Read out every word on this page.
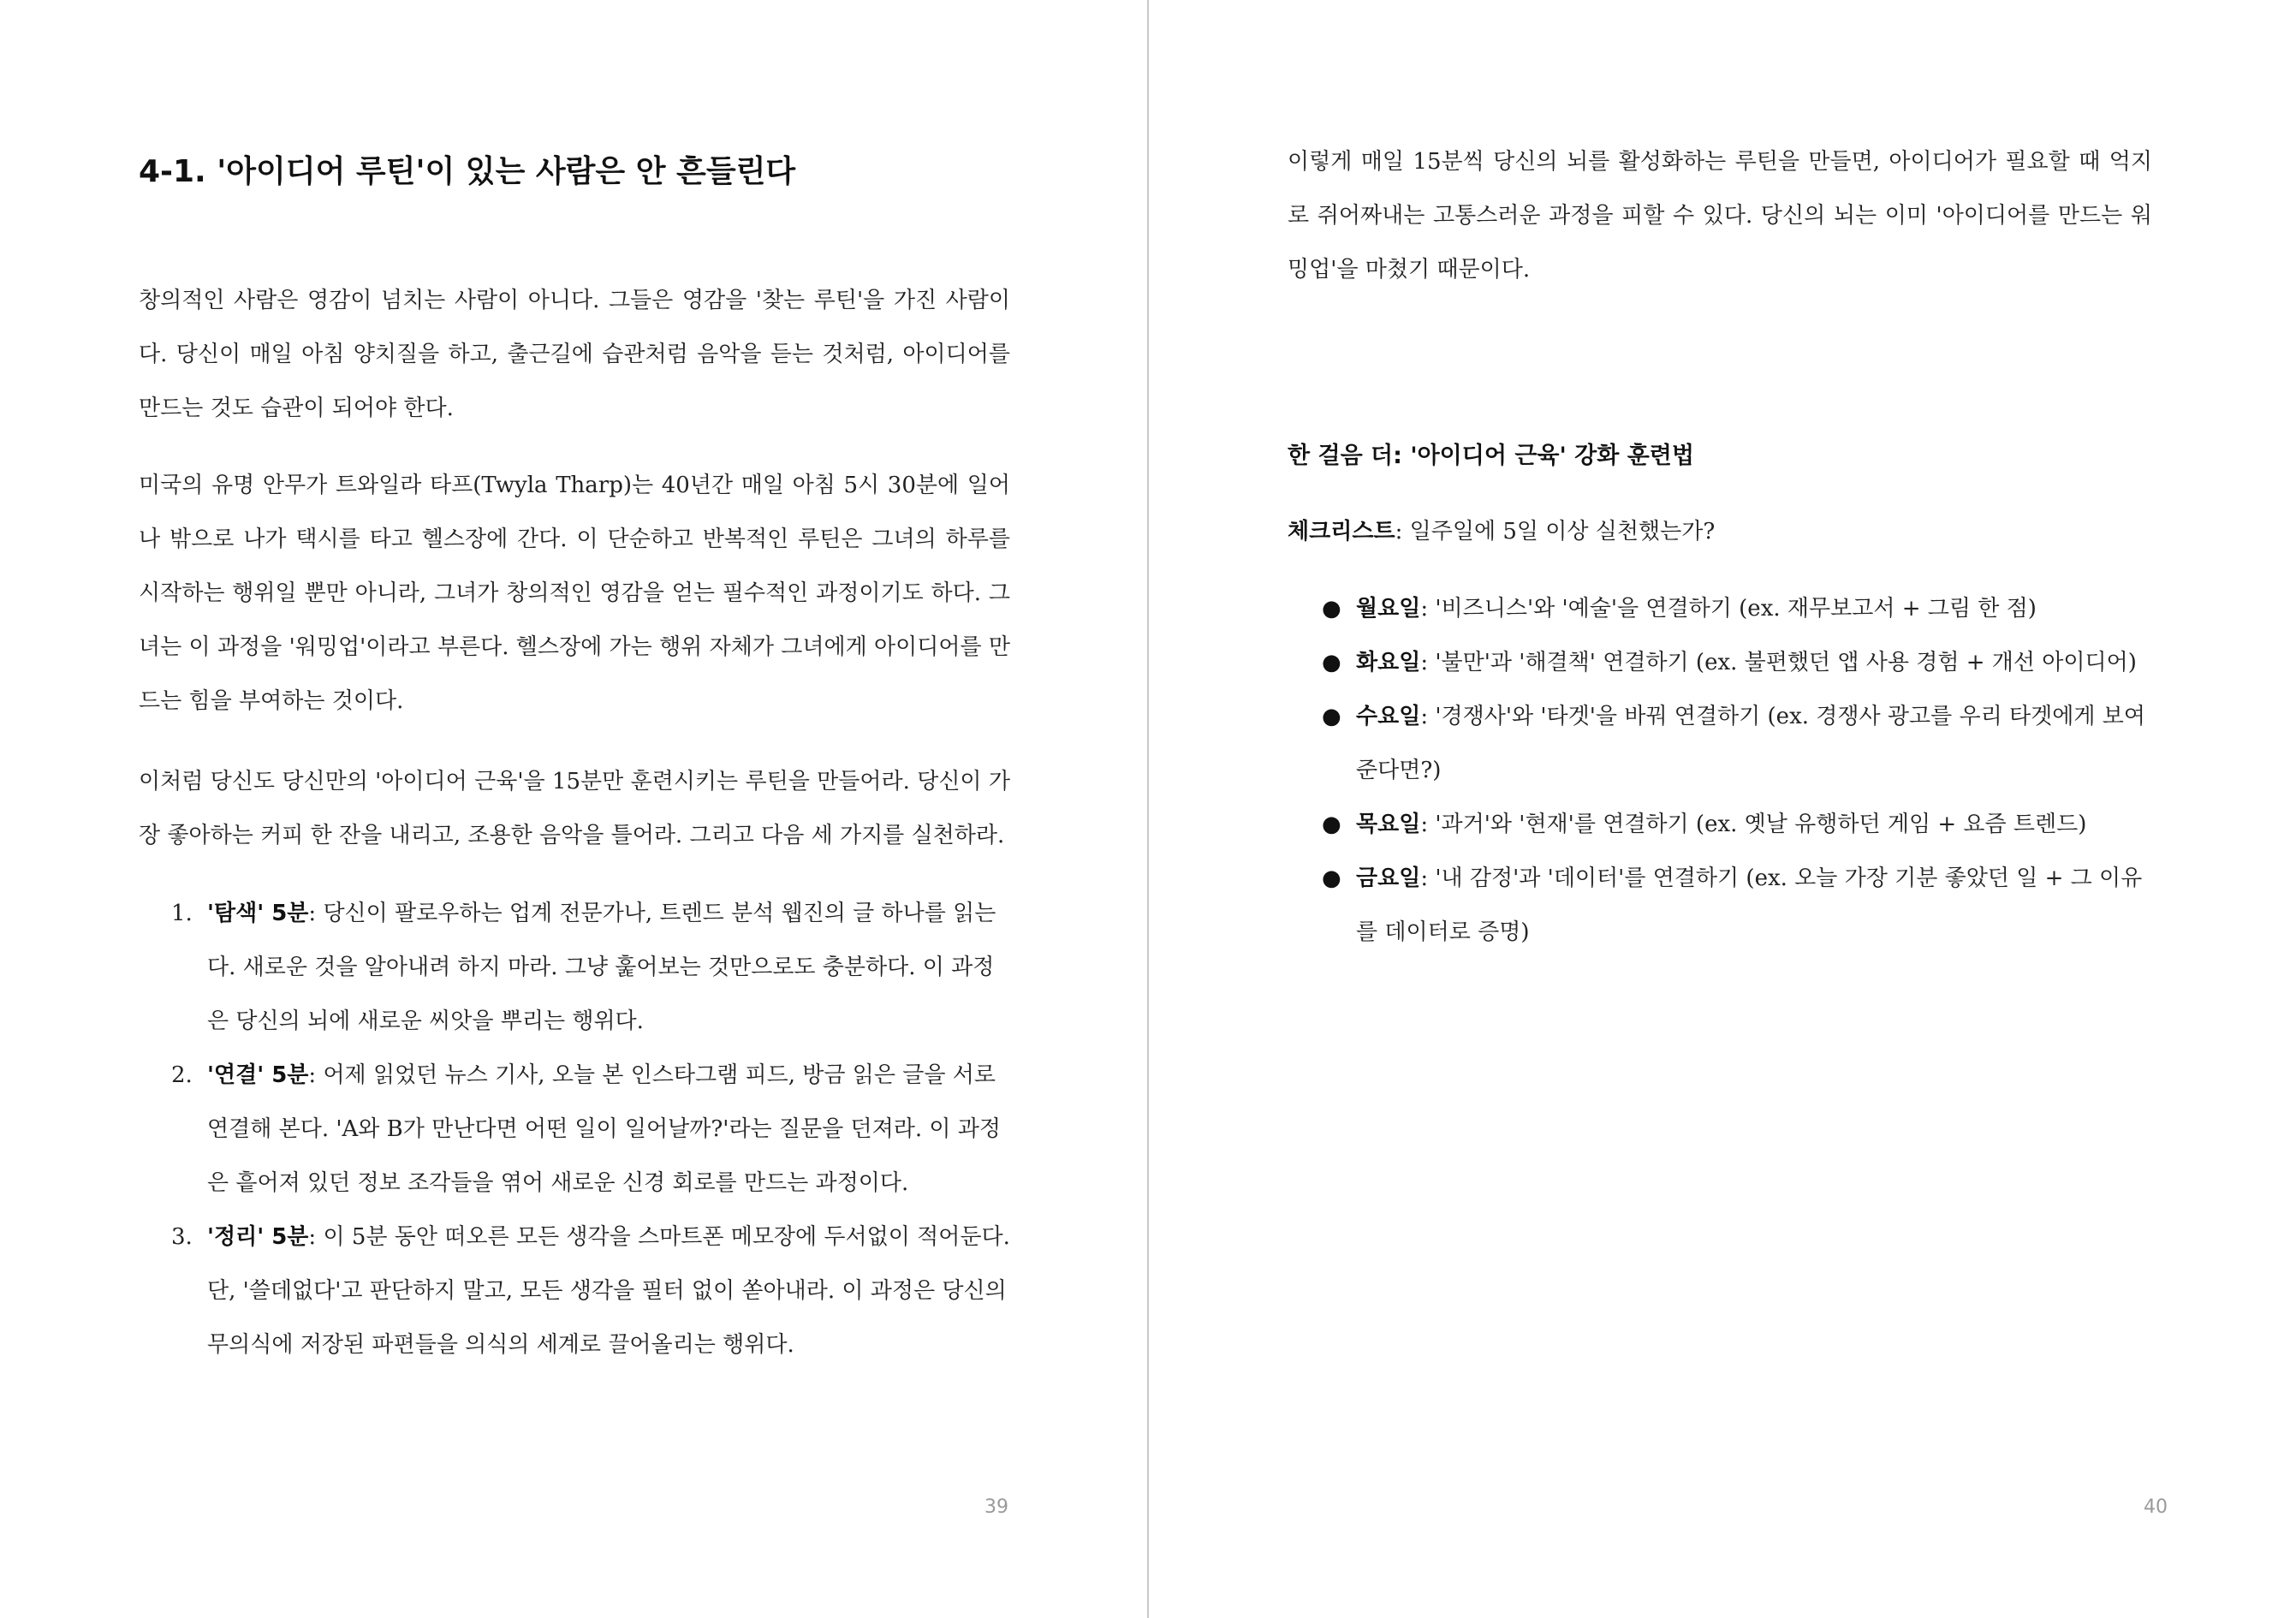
4-1. '아이디어 루틴'이 있는 사람은 안 흔들린다

창의적인 사람은 영감이 넘치는 사람이 아니다. 그들은 영감을 '찾는 루틴'을 가진 사람이다. 당신이 매일 아침 양치질을 하고, 출근길에 습관처럼 음악을 듣는 것처럼, 아이디어를 만드는 것도 습관이 되어야 한다.

미국의 유명 안무가 트와일라 타프(Twyla Tharp)는 40년간 매일 아침 5시 30분에 일어나 밖으로 나가 택시를 타고 헬스장에 간다. 이 단순하고 반복적인 루틴은 그녀의 하루를 시작하는 행위일 뿐만 아니라, 그녀가 창의적인 영감을 얻는 필수적인 과정이기도 하다. 그녀는 이 과정을 '워밍업'이라고 부른다. 헬스장에 가는 행위 자체가 그녀에게 아이디어를 만드는 힘을 부여하는 것이다.

이처럼 당신도 당신만의 '아이디어 근육'을 15분만 훈련시키는 루틴을 만들어라. 당신이 가장 좋아하는 커피 한 잔을 내리고, 조용한 음악을 틀어라. 그리고 다음 세 가지를 실천하라.

1. '탐색' 5분: 당신이 팔로우하는 업계 전문가나, 트렌드 분석 웹진의 글 하나를 읽는다. 새로운 것을 알아내려 하지 마라. 그냥 훑어보는 것만으로도 충분하다. 이 과정은 당신의 뇌에 새로운 씨앗을 뿌리는 행위다.
2. '연결' 5분: 어제 읽었던 뉴스 기사, 오늘 본 인스타그램 피드, 방금 읽은 글을 서로 연결해 본다. 'A와 B가 만난다면 어떤 일이 일어날까?'라는 질문을 던져라. 이 과정은 흩어져 있던 정보 조각들을 엮어 새로운 신경 회로를 만드는 과정이다.
3. '정리' 5분: 이 5분 동안 떠오른 모든 생각을 스마트폰 메모장에 두서없이 적어둔다. 단, '쓸데없다'고 판단하지 말고, 모든 생각을 필터 없이 쏟아내라. 이 과정은 당신의 무의식에 저장된 파편들을 의식의 세계로 끌어올리는 행위다.
39

이렇게 매일 15분씩 당신의 뇌를 활성화하는 루틴을 만들면, 아이디어가 필요할 때 억지로 쥐어짜내는 고통스러운 과정을 피할 수 있다. 당신의 뇌는 이미 '아이디어를 만드는 워밍업'을 마쳤기 때문이다.

한 걸음 더: '아이디어 근육' 강화 훈련법

체크리스트: 일주일에 5일 이상 실천했는가?

● 월요일: '비즈니스'와 '예술'을 연결하기 (ex. 재무보고서 + 그림 한 점)
● 화요일: '불만'과 '해결책' 연결하기 (ex. 불편했던 앱 사용 경험 + 개선 아이디어)
● 수요일: '경쟁사'와 '타겟'을 바꿔 연결하기 (ex. 경쟁사 광고를 우리 타겟에게 보여준다면?)
● 목요일: '과거'와 '현재'를 연결하기 (ex. 옛날 유행하던 게임 + 요즘 트렌드)
● 금요일: '내 감정'과 '데이터'를 연결하기 (ex. 오늘 가장 기분 좋았던 일 + 그 이유를 데이터로 증명)
40
